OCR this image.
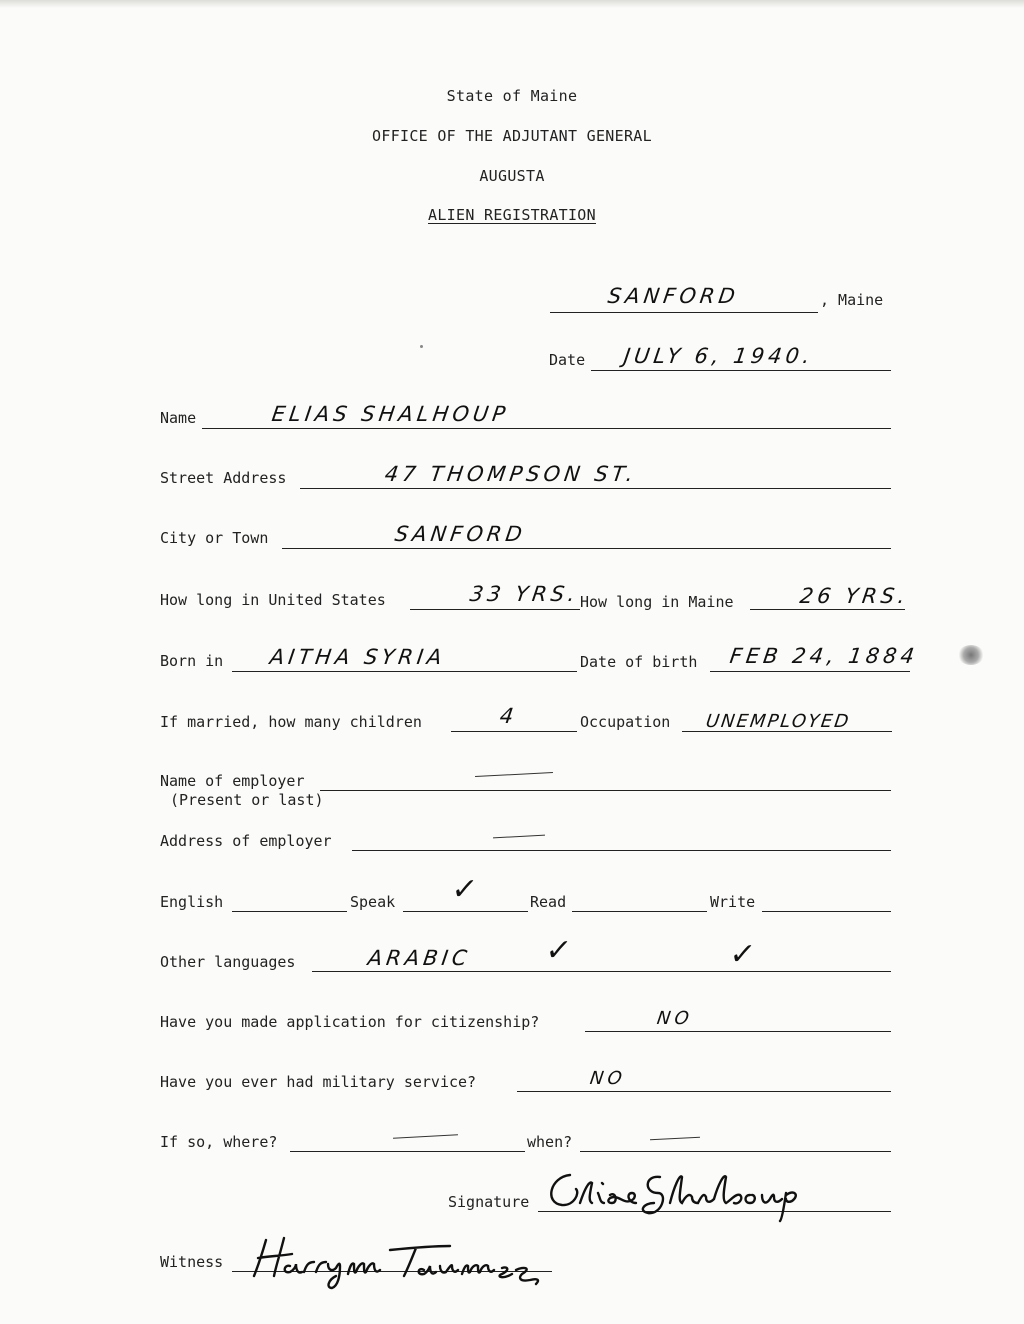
State of Maine
OFFICE OF THE ADJUTANT GENERAL
AUGUSTA
ALIEN REGISTRATION
SANFORD	, Maine
Date JULY 6, 1940.
Name	ELIAS SHALHOUP
Street Address	47 THOMPSON ST.
City or Town	SANFORD
How long in United States	33 YRS. How long in Maine	26 YRS.
Born in AITHA SYRIA	Date of birth FEB 24, 1884
If married, how many children	4	Occupation UNEMPLOYED
Name of employer
(Present or last)
Address of employer
English	Speak ✓	Read	Write
Other languages	ARABIC ✓	✓
Have you made application for citizenship?	NO
Have you ever had military service?	NO
If so, where?	when?
Signature
Witness
